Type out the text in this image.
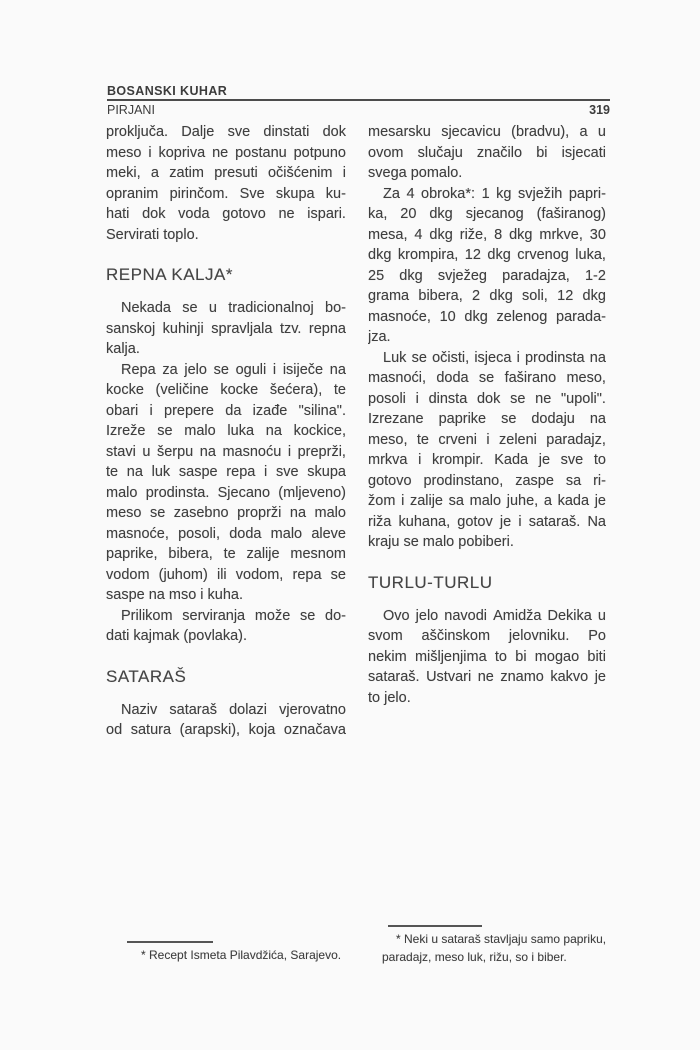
BOSANSKI KUHAR
PIRJANI	319
proključa. Dalje sve dinstati dok
meso i kopriva ne postanu potpuno
meki, a zatim presuti očišćenim i
opranim pirinčom. Sve skupa ku-
hati dok voda gotovo ne ispari.
Servirati toplo.
REPNA KALJA*
Nekada se u tradicionalnoj bo-
sanskoj kuhinji spravljala tzv. repna
kalja.
Repa za jelo se oguli i isiječe na
kocke (veličine kocke šećera), te
obari i prepere da izađe "silina".
Izreže se malo luka na kockice,
stavi u šerpu na masnoću i preprži,
te na luk saspe repa i sve skupa
malo prodinsta. Sjecano (mljeveno)
meso se zasebno proprži na malo
masnoće, posoli, doda malo aleve
paprike, bibera, te zalije mesnom
vodom (juhom) ili vodom, repa se
saspe na mso i kuha.
Prilikom serviranja može se do-
dati kajmak (povlaka).
SATARAŠ
Naziv sataraš dolazi vjerovatno
od satura (arapski), koja označava
mesarsku sjecavicu (bradvu), a u
ovom slučaju značilo bi isjecati
svega pomalo.
Za 4 obroka*: 1 kg svježih papri-
ka, 20 dkg sjecanog (faširanog)
mesa, 4 dkg riže, 8 dkg mrkve, 30
dkg krompira, 12 dkg crvenog luka,
25 dkg svježeg paradajza, 1-2
grama bibera, 2 dkg soli, 12 dkg
masnoće, 10 dkg zelenog parada-
jza.
Luk se očisti, isjeca i prodinsta na
masnoći, doda se faširano meso,
posoli i dinsta dok se ne "upoli".
Izrezane paprike se dodaju na
meso, te crveni i zeleni paradajz,
mrkva i krompir. Kada je sve to
gotovo prodinstano, zaspe sa ri-
žom i zalije sa malo juhe, a kada je
riža kuhana, gotov je i sataraš. Na
kraju se malo pobiberi.
TURLU-TURLU
Ovo jelo navodi Amidža Dekika u
svom aščinskom jelovniku. Po
nekim mišljenjima to bi mogao biti
sataraš. Ustvari ne znamo kakvo je
to jelo.
* Recept Ismeta Pilavdžića, Sarajevo.
* Neki u sataraš stavljaju samo papriku,
paradajz, meso luk, rižu, so i biber.
